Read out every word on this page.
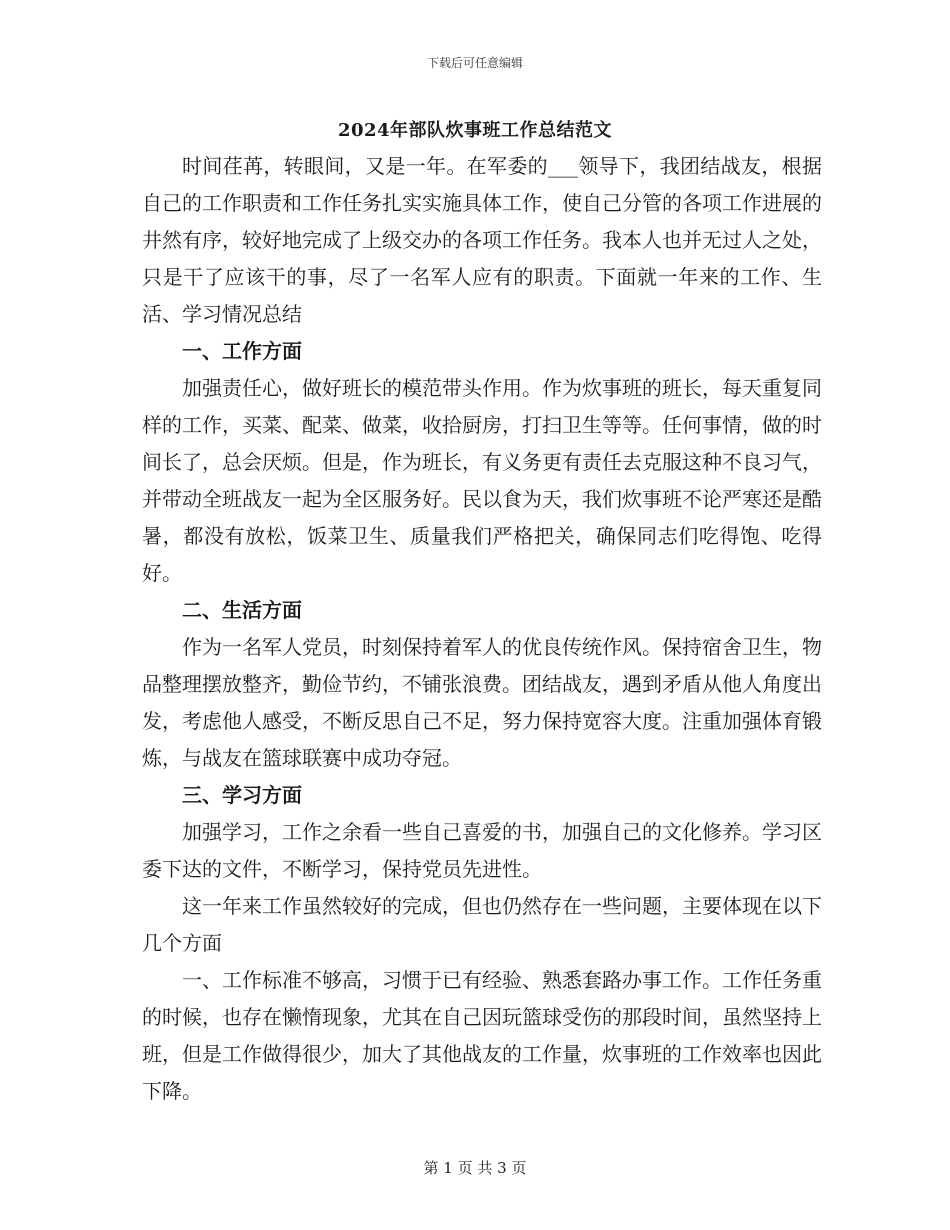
下载后可任意编辑
2024年部队炊事班工作总结范文

时间荏苒，转眼间，又是一年。在军委的___领导下，我团结战友，根据自己的工作职责和工作任务扎实实施具体工作，使自己分管的各项工作进展的井然有序，较好地完成了上级交办的各项工作任务。我本人也并无过人之处，只是干了应该干的事，尽了一名军人应有的职责。下面就一年来的工作、生活、学习情况总结

一、工作方面

加强责任心，做好班长的模范带头作用。作为炊事班的班长，每天重复同样的工作，买菜、配菜、做菜，收拾厨房，打扫卫生等等。任何事情，做的时间长了，总会厌烦。但是，作为班长，有义务更有责任去克服这种不良习气，并带动全班战友一起为全区服务好。民以食为天，我们炊事班不论严寒还是酷暑，都没有放松，饭菜卫生、质量我们严格把关，确保同志们吃得饱、吃得好。

二、生活方面

作为一名军人党员，时刻保持着军人的优良传统作风。保持宿舍卫生，物品整理摆放整齐，勤俭节约，不铺张浪费。团结战友，遇到矛盾从他人角度出发，考虑他人感受，不断反思自己不足，努力保持宽容大度。注重加强体育锻炼，与战友在篮球联赛中成功夺冠。

三、学习方面

加强学习，工作之余看一些自己喜爱的书，加强自己的文化修养。学习区委下达的文件，不断学习，保持党员先进性。

这一年来工作虽然较好的完成，但也仍然存在一些问题，主要体现在以下几个方面

一、工作标准不够高，习惯于已有经验、熟悉套路办事工作。工作任务重的时候，也存在懒惰现象，尤其在自己因玩篮球受伤的那段时间，虽然坚持上班，但是工作做得很少，加大了其他战友的工作量，炊事班的工作效率也因此下降。

第 1 页 共 3 页
